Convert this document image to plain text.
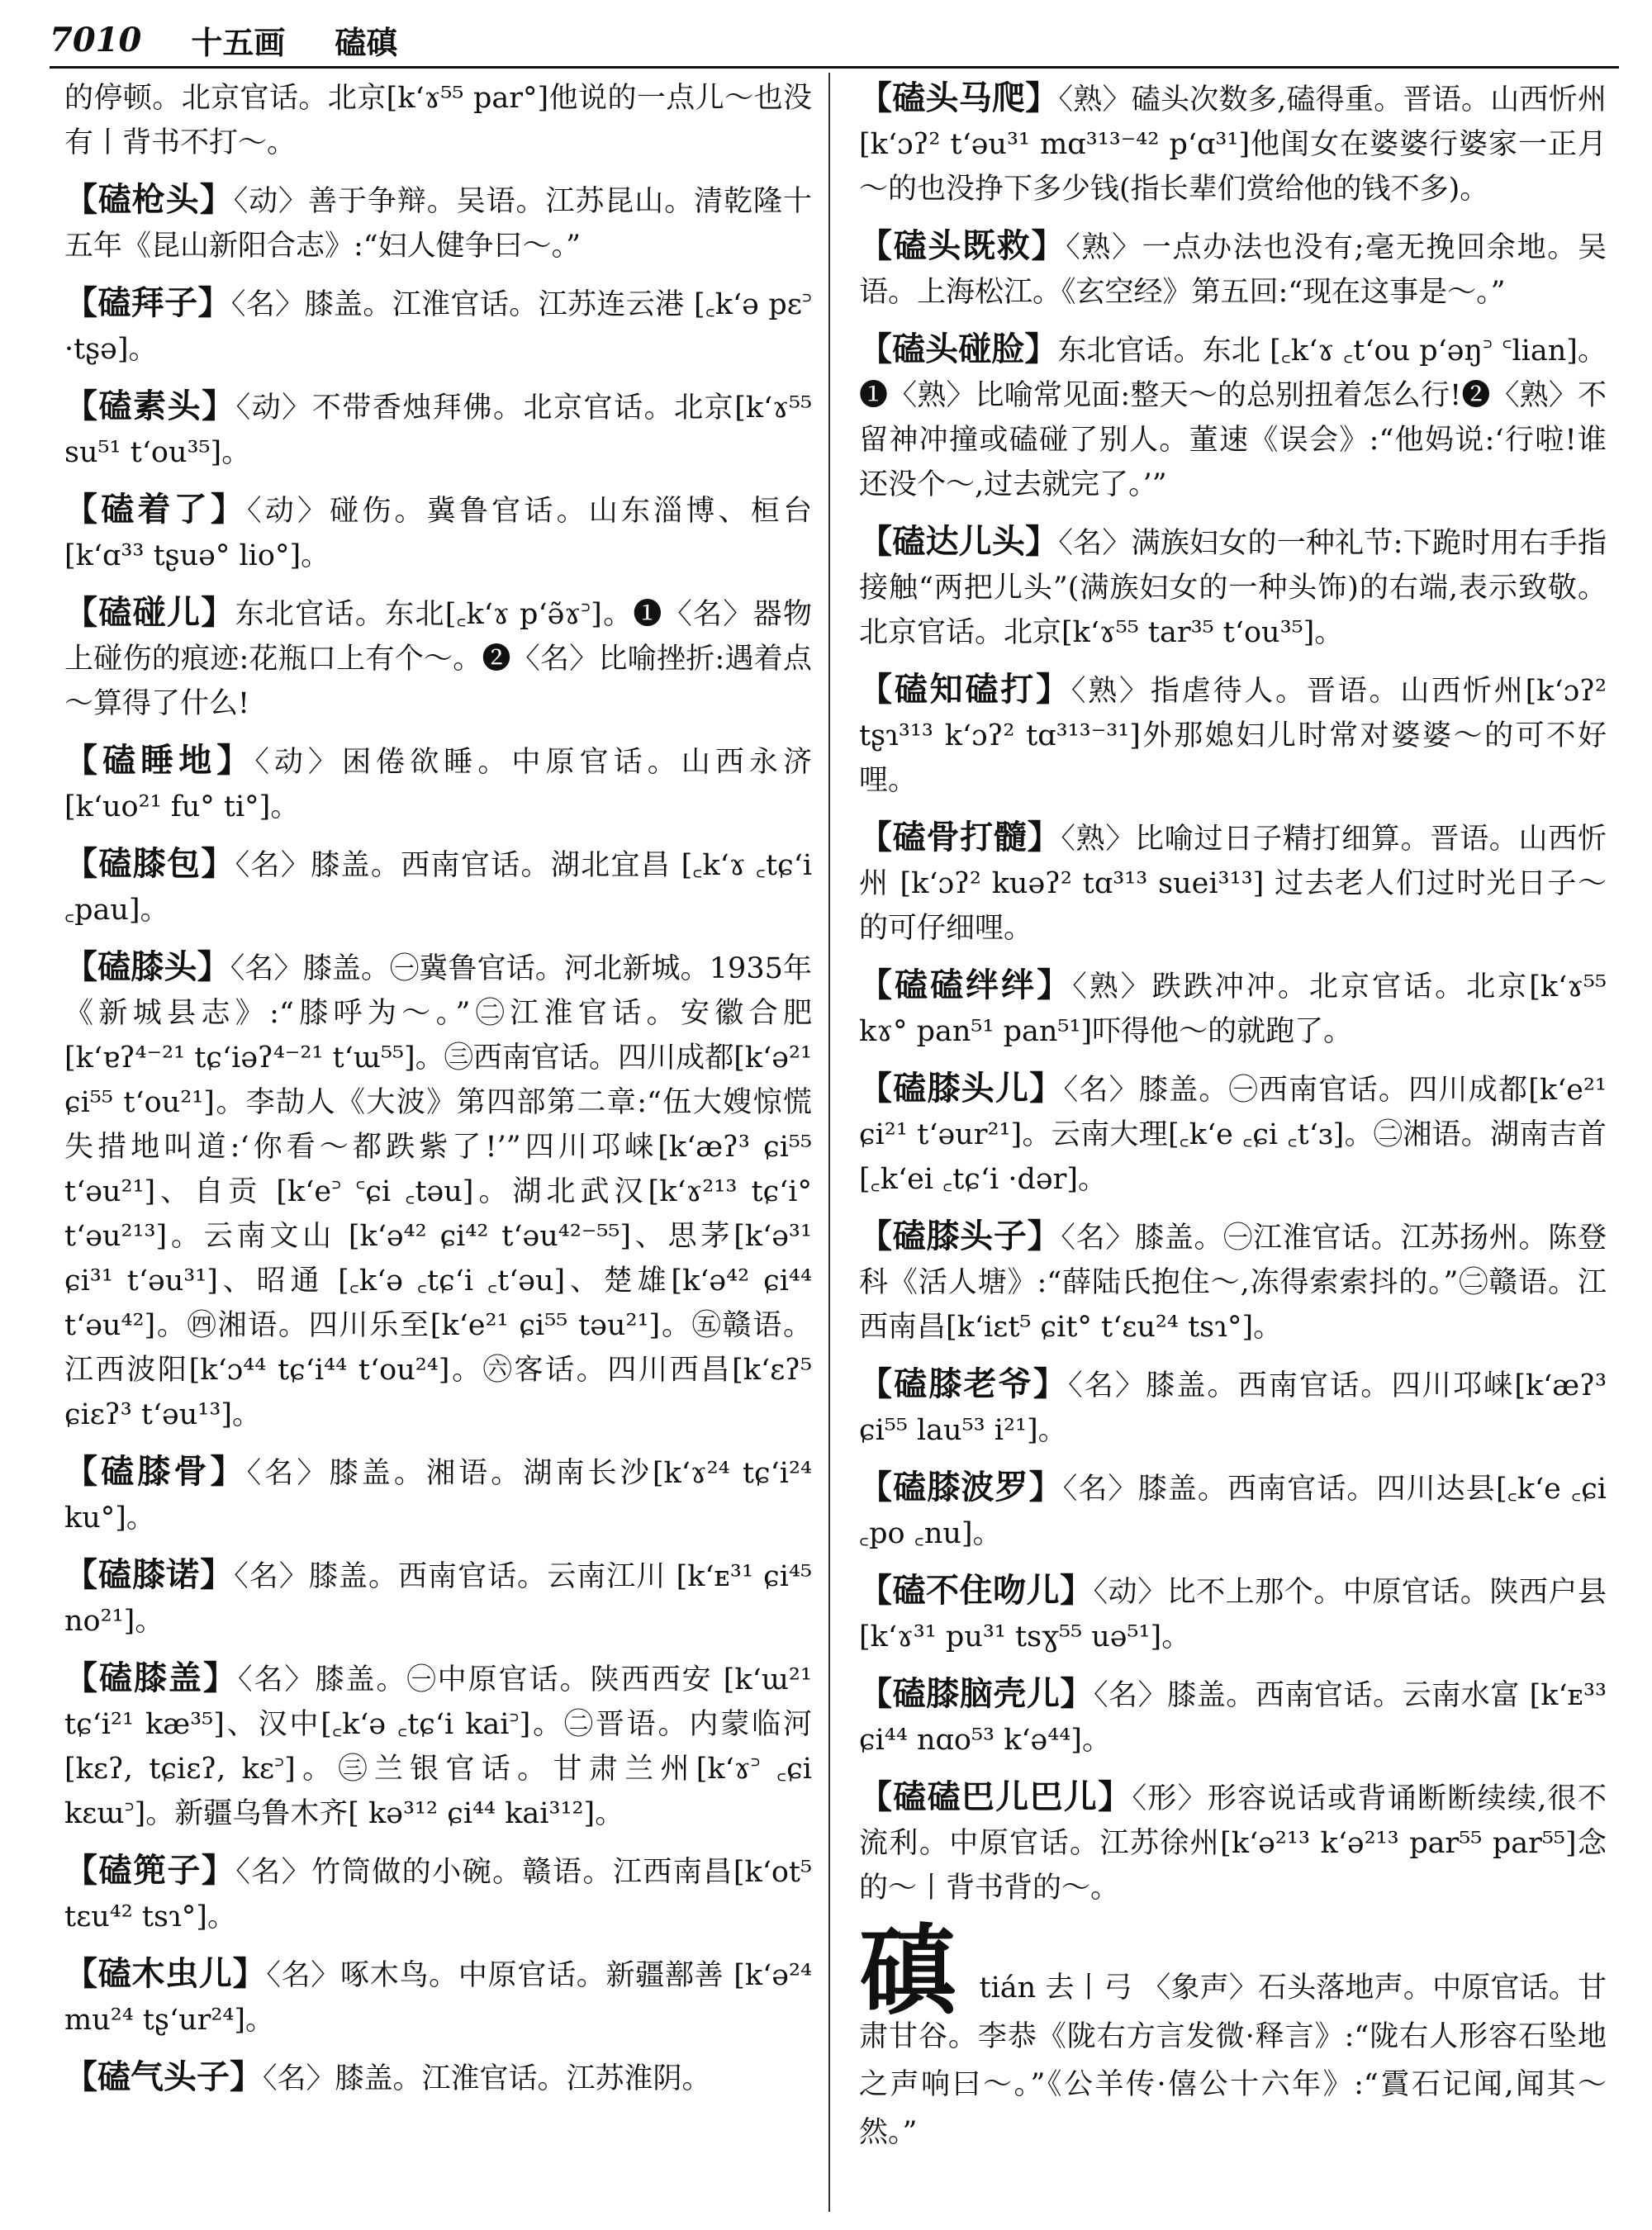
7010 十五画 磕磌

的停顿。北京官话。北京[kʻɤ⁵⁵ par°]他说的一点儿～也没有丨背书不打～。

【磕枪头】〈动〉善于争辩。吴语。江苏昆山。清乾隆十五年《昆山新阳合志》:“妇人健争曰～。”

【磕拜子】〈名〉膝盖。江淮官话。江苏连云港 [꜀kʻə pɛ꜄ ·tʂə]。

【磕素头】〈动〉不带香烛拜佛。北京官话。北京[kʻɤ⁵⁵ su⁵¹ tʻou³⁵]。

【磕着了】〈动〉碰伤。冀鲁官话。山东淄博、桓台 [kʻɑ³³ tʂuə° lio°]。

【磕碰儿】东北官话。东北[꜀kʻɤ pʻə̃ɤ꜄]。❶〈名〉器物上碰伤的痕迹:花瓶口上有个～。❷〈名〉比喻挫折:遇着点～算得了什么!

【磕睡地】〈动〉困倦欲睡。中原官话。山西永济 [kʻuo²¹ fu° ti°]。

【磕膝包】〈名〉膝盖。西南官话。湖北宜昌 [꜀kʻɤ ꜀tɕʻi ꜀pau]。

【磕膝头】〈名〉膝盖。㊀冀鲁官话。河北新城。1935年《新城县志》:“膝呼为～。”㊁江淮官话。安徽合肥[kʻɐʔ⁴⁻²¹ tɕʻiəʔ⁴⁻²¹ tʻɯ⁵⁵]。㊂西南官话。四川成都[kʻə²¹ ɕi⁵⁵ tʻou²¹]。李劼人《大波》第四部第二章:“伍大嫂惊慌失措地叫道:‘你看～都跌紫了!’”四川邛崃[kʻæʔ³ ɕi⁵⁵ tʻəu²¹]、自贡 [kʻe꜄ ꜂ɕi ꜀təu]。湖北武汉[kʻɤ²¹³ tɕʻi° tʻəu²¹³]。云南文山 [kʻə⁴² ɕi⁴² tʻəu⁴²⁻⁵⁵]、思茅[kʻə³¹ ɕi³¹ tʻəu³¹]、昭通 [꜀kʻə ꜀tɕʻi ꜀tʻəu]、楚雄[kʻə⁴² ɕi⁴⁴ tʻəu⁴²]。㊃湘语。四川乐至[kʻe²¹ ɕi⁵⁵ təu²¹]。㊄赣语。江西波阳[kʻɔ⁴⁴ tɕʻi⁴⁴ tʻou²⁴]。㊅客话。四川西昌[kʻɛʔ⁵ ɕiɛʔ³ tʻəu¹³]。

【磕膝骨】〈名〉膝盖。湘语。湖南长沙[kʻɤ²⁴ tɕʻi²⁴ ku°]。

【磕膝诺】〈名〉膝盖。西南官话。云南江川 [kʻᴇ³¹ ɕi⁴⁵ no²¹]。

【磕膝盖】〈名〉膝盖。㊀中原官话。陕西西安 [kʻɯ²¹ tɕʻi²¹ kæ³⁵]、汉中[꜀kʻə ꜀tɕʻi kai꜄]。㊁晋语。内蒙临河[kɛʔ, tɕiɛʔ, kɛ꜄]。㊂兰银官话。甘肃兰州[kʻɤ꜄ ꜀ɕi kɛɯ꜄]。新疆乌鲁木齐[ kə³¹² ɕi⁴⁴ kai³¹²]。

【磕篼子】〈名〉竹筒做的小碗。赣语。江西南昌[kʻot⁵ tɛu⁴² tsɿ°]。

【磕木虫儿】〈名〉啄木鸟。中原官话。新疆鄯善 [kʻə²⁴ mu²⁴ tʂʻur²⁴]。

【磕气头子】〈名〉膝盖。江淮官话。江苏淮阴。

【磕头马爬】〈熟〉磕头次数多,磕得重。晋语。山西忻州[kʻɔʔ² tʻəu³¹ mɑ³¹³⁻⁴² pʻɑ³¹]他闺女在婆婆行婆家一正月～的也没挣下多少钱(指长辈们赏给他的钱不多)。

【磕头既救】〈熟〉一点办法也没有;毫无挽回余地。吴语。上海松江。《玄空经》第五回:“现在这事是～。”

【磕头碰脸】东北官话。东北 [꜀kʻɤ ꜀tʻou pʻəŋ꜄ ꜂lian]。❶〈熟〉比喻常见面:整天～的总别扭着怎么行!❷〈熟〉不留神冲撞或磕碰了别人。董速《误会》:“他妈说:‘行啦!谁还没个～,过去就完了。’”

【磕达儿头】〈名〉满族妇女的一种礼节:下跪时用右手指接触“两把儿头”(满族妇女的一种头饰)的右端,表示致敬。北京官话。北京[kʻɤ⁵⁵ tar³⁵ tʻou³⁵]。

【磕知磕打】〈熟〉指虐待人。晋语。山西忻州[kʻɔʔ² tʂɿ³¹³ kʻɔʔ² tɑ³¹³⁻³¹]外那媳妇儿时常对婆婆～的可不好哩。

【磕骨打髓】〈熟〉比喻过日子精打细算。晋语。山西忻州 [kʻɔʔ² kuəʔ² tɑ³¹³ suei³¹³] 过去老人们过时光日子～的可仔细哩。

【磕磕绊绊】〈熟〉跌跌冲冲。北京官话。北京[kʻɤ⁵⁵ kɤ° pan⁵¹ pan⁵¹]吓得他～的就跑了。

【磕膝头儿】〈名〉膝盖。㊀西南官话。四川成都[kʻe²¹ ɕi²¹ tʻəur²¹]。云南大理[꜀kʻe ꜀ɕi ꜀tʻɜ]。㊁湘语。湖南吉首 [꜀kʻei ꜀tɕʻi ·dər]。

【磕膝头子】〈名〉膝盖。㊀江淮官话。江苏扬州。陈登科《活人塘》:“薛陆氏抱住～,冻得索索抖的。”㊁赣语。江西南昌[kʻiɛt⁵ ɕit° tʻɛu²⁴ tsɿ°]。

【磕膝老爷】〈名〉膝盖。西南官话。四川邛崃[kʻæʔ³ ɕi⁵⁵ lau⁵³ i²¹]。

【磕膝波罗】〈名〉膝盖。西南官话。四川达县[꜀kʻe ꜀ɕi ꜀po ꜀nu]。

【磕不住吻儿】〈动〉比不上那个。中原官话。陕西户县[kʻɤ³¹ pu³¹ tsɣ⁵⁵ uə⁵¹]。

【磕膝脑壳儿】〈名〉膝盖。西南官话。云南水富 [kʻᴇ³³ ɕi⁴⁴ nɑo⁵³ kʻə⁴⁴]。

【磕磕巴儿巴儿】〈形〉形容说话或背诵断断续续,很不流利。中原官话。江苏徐州[kʻə²¹³ kʻə²¹³ par⁵⁵ par⁵⁵]念的～丨背书背的～。

磌 tián 去丨弓 〈象声〉石头落地声。中原官话。甘肃甘谷。李恭《陇右方言发微·释言》:“陇右人形容石坠地之声响曰～。”《公羊传·僖公十六年》:“霣石记闻,闻其～然。”
